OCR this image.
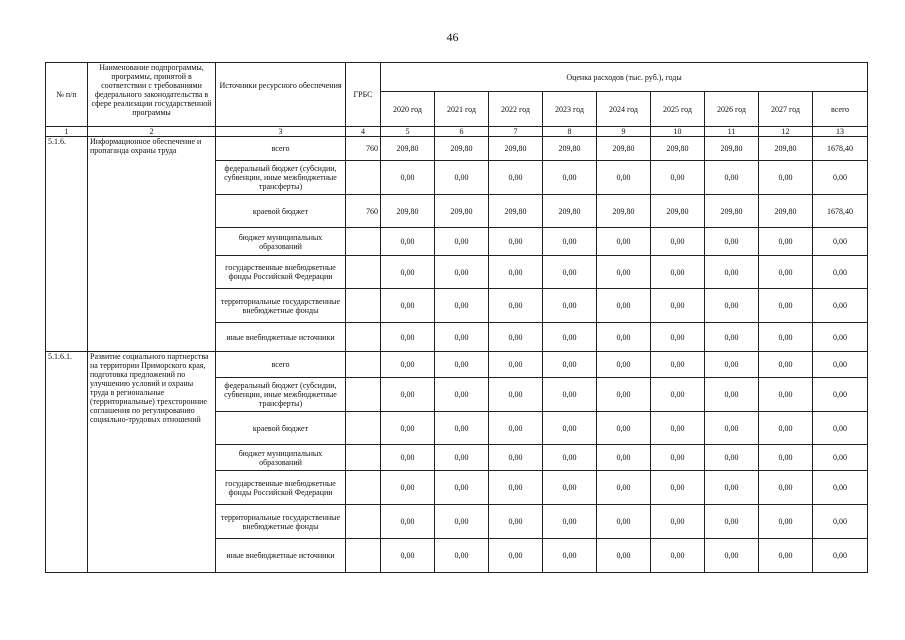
46
№ п/п	Наименование подпрограммы, программы, принятой в соответствии с требованиями федерального законодательства в сфере реализации государственной программы	Источники ресурсного обеспечения	ГРБС	Оценка расходов (тыс. руб.), годы								
				2020 год	2021 год	2022 год	2023 год	2024 год	2025 год	2026 год	2027 год	всего
1	2	3	4	5	6	7	8	9	10	11	12	13
5.1.6.	Информационное обеспечение и пропаганда охраны труда	всего	760	209,80	209,80	209,80	209,80	209,80	209,80	209,80	209,80	1678,40
		федеральный бюджет (субсидии, субвенции, иные межбюджетные трансферты)		0,00	0,00	0,00	0,00	0,00	0,00	0,00	0,00	0,00
		краевой бюджет	760	209,80	209,80	209,80	209,80	209,80	209,80	209,80	209,80	1678,40
		бюджет муниципальных образований		0,00	0,00	0,00	0,00	0,00	0,00	0,00	0,00	0,00
		государственные внебюджетные фонды Российской Федерации		0,00	0,00	0,00	0,00	0,00	0,00	0,00	0,00	0,00
		территориальные государственные внебюджетные фонды		0,00	0,00	0,00	0,00	0,00	0,00	0,00	0,00	0,00
		иные внебюджетные источники		0,00	0,00	0,00	0,00	0,00	0,00	0,00	0,00	0,00
5.1.6.1.	Развитие социального партнерства на территории Приморского края, подготовка предложений по улучшению условий и охраны труда в региональные (территориальные) трехсторонние соглашения по регулированию социально-трудовых отношений	всего		0,00	0,00	0,00	0,00	0,00	0,00	0,00	0,00	0,00
		федеральный бюджет (субсидии, субвенции, иные межбюджетные трансферты)		0,00	0,00	0,00	0,00	0,00	0,00	0,00	0,00	0,00
		краевой бюджет		0,00	0,00	0,00	0,00	0,00	0,00	0,00	0,00	0,00
		бюджет муниципальных образований		0,00	0,00	0,00	0,00	0,00	0,00	0,00	0,00	0,00
		государственные внебюджетные фонды Российской Федерации		0,00	0,00	0,00	0,00	0,00	0,00	0,00	0,00	0,00
		территориальные государственные внебюджетные фонды		0,00	0,00	0,00	0,00	0,00	0,00	0,00	0,00	0,00
		иные внебюджетные источники		0,00	0,00	0,00	0,00	0,00	0,00	0,00	0,00	0,00
